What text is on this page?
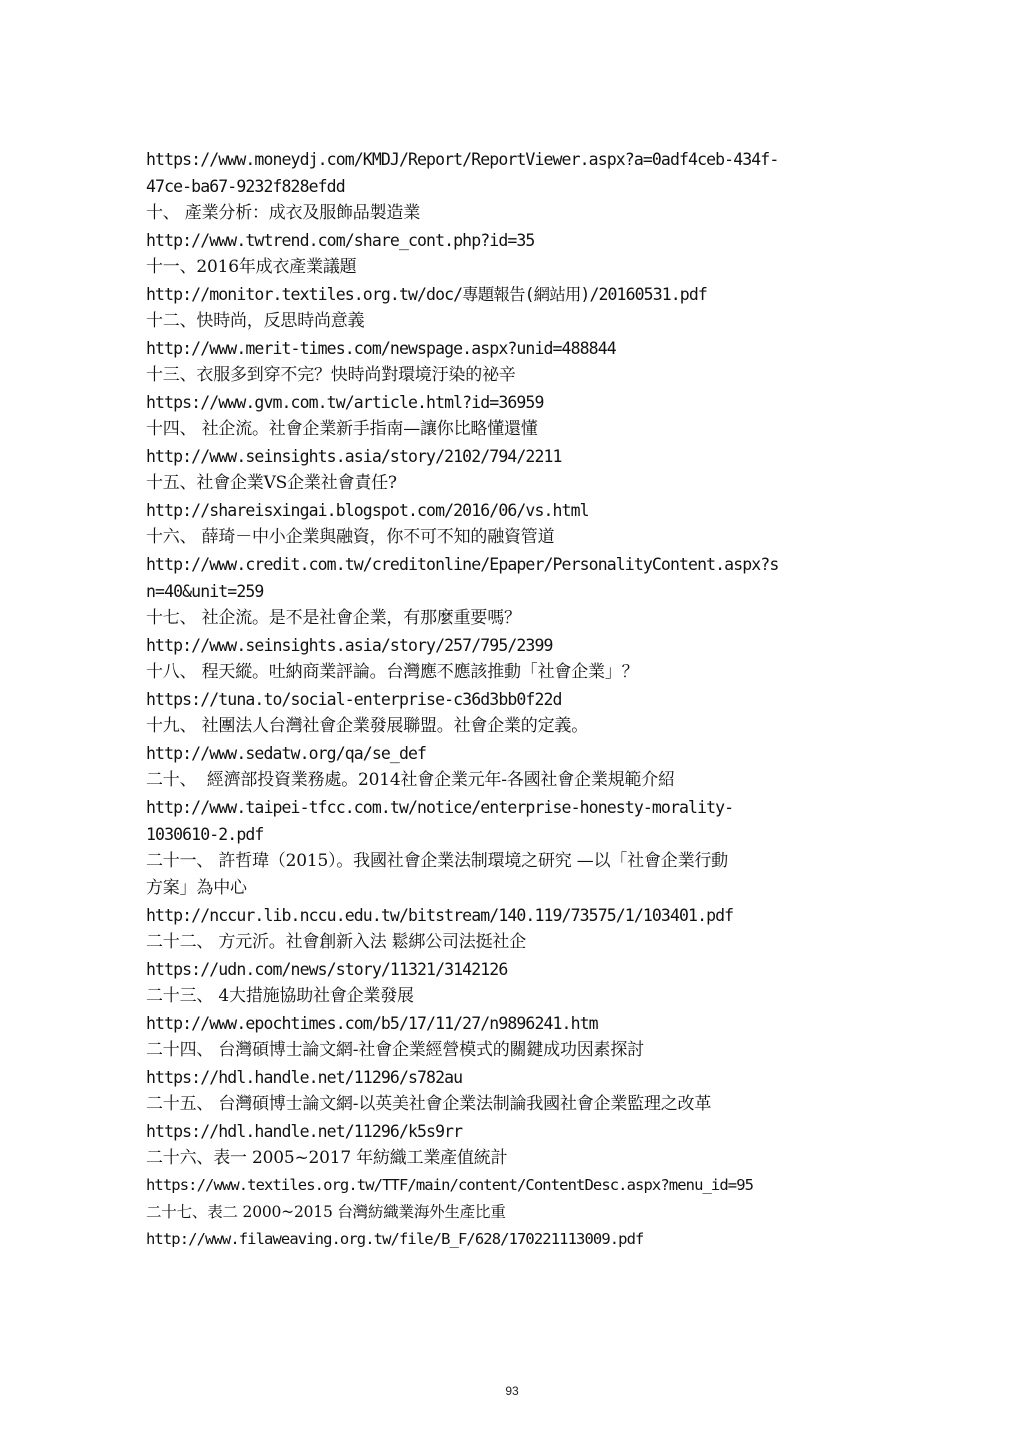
https://www.moneydj.com/KMDJ/Report/ReportViewer.aspx?a=0adf4ceb-434f-
47ce-ba67-9232f828efdd
十、 產業分析：成衣及服飾品製造業
http://www.twtrend.com/share_cont.php?id=35
十一、2016年成衣產業議題
http://monitor.textiles.org.tw/doc/專題報告(網站用)/20160531.pdf
十二、快時尚，反思時尚意義
http://www.merit-times.com/newspage.aspx?unid=488844
十三、衣服多到穿不完？快時尚對環境汙染的祕辛
https://www.gvm.com.tw/article.html?id=36959
十四、 社企流。社會企業新手指南—讓你比略懂還懂
http://www.seinsights.asia/story/2102/794/2211
十五、社會企業VS企業社會責任?
http://shareisxingai.blogspot.com/2016/06/vs.html
十六、 薛琦－中小企業與融資，你不可不知的融資管道
http://www.credit.com.tw/creditonline/Epaper/PersonalityContent.aspx?s
n=40&unit=259
十七、 社企流。是不是社會企業，有那麼重要嗎？
http://www.seinsights.asia/story/257/795/2399
十八、 程天縱。吐納商業評論。台灣應不應該推動「社會企業」？
https://tuna.to/social-enterprise-c36d3bb0f22d
十九、 社團法人台灣社會企業發展聯盟。社會企業的定義。
http://www.sedatw.org/qa/se_def
二十、  經濟部投資業務處。2014社會企業元年-各國社會企業規範介紹
http://www.taipei-tfcc.com.tw/notice/enterprise-honesty-morality-
1030610-2.pdf
二十一、 許哲瑋（2015）。我國社會企業法制環境之研究 —以「社會企業行動
方案」為中心
http://nccur.lib.nccu.edu.tw/bitstream/140.119/73575/1/103401.pdf
二十二、 方元沂。社會創新入法 鬆綁公司法挺社企
https://udn.com/news/story/11321/3142126
二十三、 4大措施協助社會企業發展
http://www.epochtimes.com/b5/17/11/27/n9896241.htm
二十四、 台灣碩博士論文網-社會企業經營模式的關鍵成功因素探討
https://hdl.handle.net/11296/s782au
二十五、 台灣碩博士論文網-以英美社會企業法制論我國社會企業監理之改革
https://hdl.handle.net/11296/k5s9rr
二十六、表一 2005~2017 年紡織工業產值統計
https://www.textiles.org.tw/TTF/main/content/ContentDesc.aspx?menu_id=95
二十七、表二 2000~2015 台灣紡織業海外生產比重
http://www.filaweaving.org.tw/file/B_F/628/170221113009.pdf
93
